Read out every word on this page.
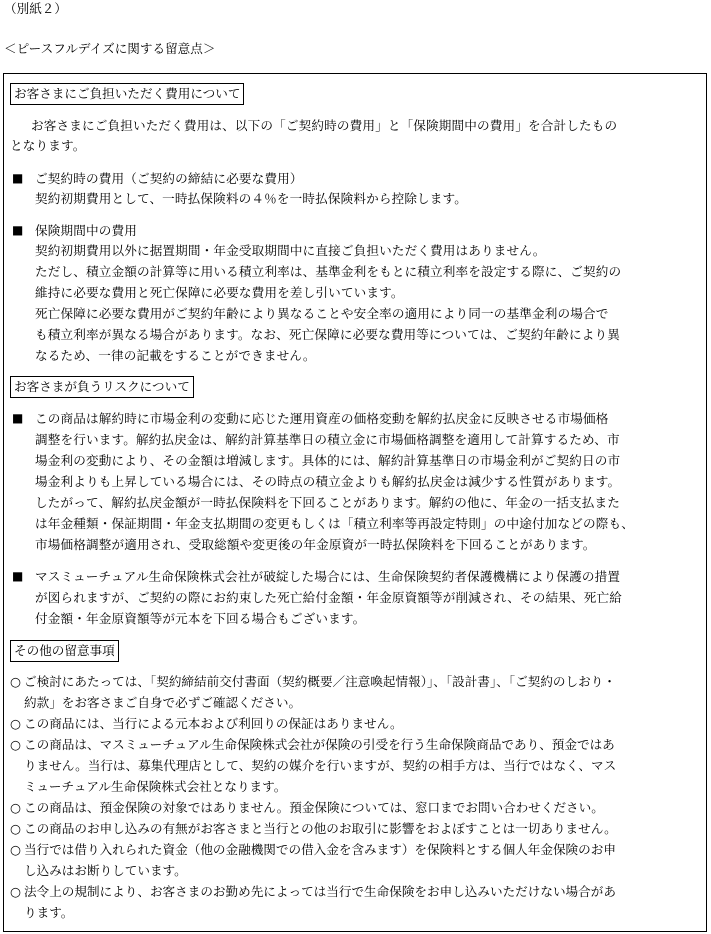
（別紙２）
＜ピースフルデイズに関する留意点＞
お客さまにご負担いただく費用について
お客さまにご負担いただく費用は、以下の「ご契約時の費用」と「保険期間中の費用」を合計したもの
となります。
■ ご契約時の費用（ご契約の締結に必要な費用）
契約初期費用として、一時払保険料の４％を一時払保険料から控除します。
■ 保険期間中の費用
契約初期費用以外に据置期間・年金受取期間中に直接ご負担いただく費用はありません。
ただし、積立金額の計算等に用いる積立利率は、基準金利をもとに積立利率を設定する際に、ご契約の
維持に必要な費用と死亡保障に必要な費用を差し引いています。
死亡保障に必要な費用がご契約年齢により異なることや安全率の適用により同一の基準金利の場合で
も積立利率が異なる場合があります。なお、死亡保障に必要な費用等については、ご契約年齢により異
なるため、一律の記載をすることができません。
お客さまが負うリスクについて
■ この商品は解約時に市場金利の変動に応じた運用資産の価格変動を解約払戻金に反映させる市場価格
調整を行います。解約払戻金は、解約計算基準日の積立金に市場価格調整を適用して計算するため、市
場金利の変動により、その金額は増減します。具体的には、解約計算基準日の市場金利がご契約日の市
場金利よりも上昇している場合には、その時点の積立金よりも解約払戻金は減少する性質があります。
したがって、解約払戻金額が一時払保険料を下回ることがあります。解約の他に、年金の一括支払また
は年金種類・保証期間・年金支払期間の変更もしくは「積立利率等再設定特則」の中途付加などの際も、
市場価格調整が適用され、受取総額や変更後の年金原資が一時払保険料を下回ることがあります。
■ マスミューチュアル生命保険株式会社が破綻した場合には、生命保険契約者保護機構により保護の措置
が図られますが、ご契約の際にお約束した死亡給付金額・年金原資額等が削減され、その結果、死亡給
付金額・年金原資額等が元本を下回る場合もございます。
その他の留意事項
○ ご検討にあたっては、「契約締結前交付書面（契約概要／注意喚起情報）」、「設計書」、「ご契約のしおり・
約款」をお客さまご自身で必ずご確認ください。
○ この商品には、当行による元本および利回りの保証はありません。
○ この商品は、マスミューチュアル生命保険株式会社が保険の引受を行う生命保険商品であり、預金ではあ
りません。当行は、募集代理店として、契約の媒介を行いますが、契約の相手方は、当行ではなく、マス
ミューチュアル生命保険株式会社となります。
○ この商品は、預金保険の対象ではありません。預金保険については、窓口までお問い合わせください。
○ この商品のお申し込みの有無がお客さまと当行との他のお取引に影響をおよぼすことは一切ありません。
○ 当行では借り入れられた資金（他の金融機関での借入金を含みます）を保険料とする個人年金保険のお申
し込みはお断りしています。
○ 法令上の規制により、お客さまのお勤め先によっては当行で生命保険をお申し込みいただけない場合があ
ります。
